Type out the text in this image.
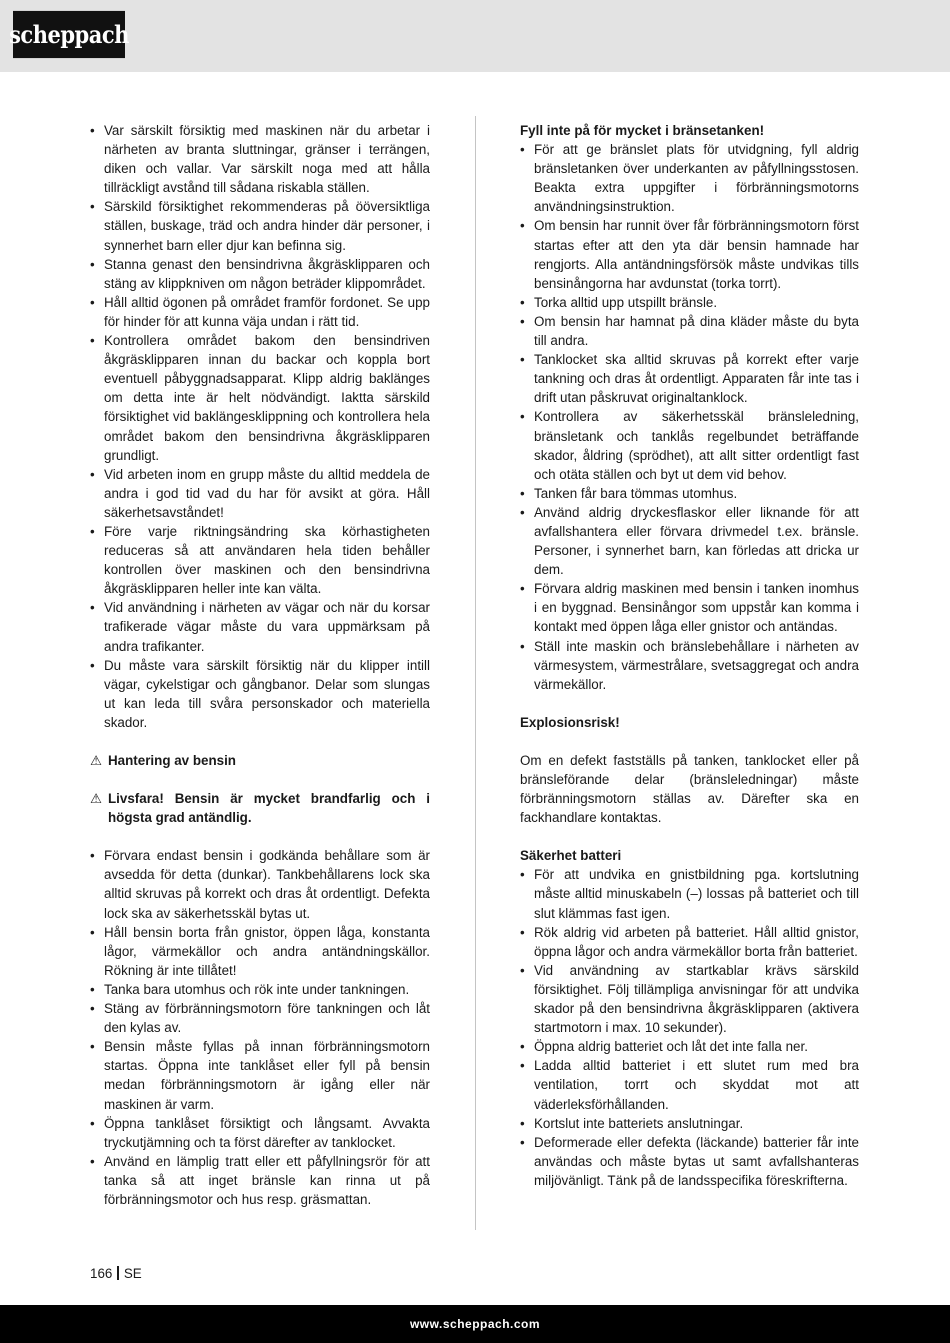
scheppach
• Var särskilt försiktig med maskinen när du arbetar i närheten av branta sluttningar, gränser i terrängen, diken och vallar. Var särskilt noga med att hålla tillräckligt avstånd till sådana riskabla ställen.
• Särskild försiktighet rekommenderas på ööversiktliga ställen, buskage, träd och andra hinder där personer, i synnerhet barn eller djur kan befinna sig.
• Stanna genast den bensindrivna åkgräsklipparen och stäng av klippkniven om någon beträder klippområdet.
• Håll alltid ögonen på området framför fordonet. Se upp för hinder för att kunna väja undan i rätt tid.
• Kontrollera området bakom den bensindriven åkgräsklipparen innan du backar och koppla bort eventuell påbyggnadsapparat. Klipp aldrig baklänges om detta inte är helt nödvändigt. Iaktta särskild försiktighet vid baklängesklippning och kontrollera hela området bakom den bensindrivna åkgräsklipparen grundligt.
• Vid arbeten inom en grupp måste du alltid meddela de andra i god tid vad du har för avsikt at göra. Håll säkerhetsavståndet!
• Före varje riktningsändring ska körhastigheten reduceras så att användaren hela tiden behåller kontrollen över maskinen och den bensindrivna åkgräsklipparen heller inte kan välta.
• Vid användning i närheten av vägar och när du korsar trafikerade vägar måste du vara uppmärksam på andra trafikanter.
• Du måste vara särskilt försiktig när du klipper intill vägar, cykelstigar och gångbanor. Delar som slungas ut kan leda till svåra personskador och materiella skador.

⚠ Hantering av bensin

⚠ Livsfara! Bensin är mycket brandfarlig och i högsta grad antändlig.

• Förvara endast bensin i godkända behållare som är avsedda för detta (dunkar). Tankbehållarens lock ska alltid skruvas på korrekt och dras åt ordentligt. Defekta lock ska av säkerhetsskäl bytas ut.
• Håll bensin borta från gnistor, öppen låga, konstanta lågor, värmekällor och andra antändningskällor. Rökning är inte tillåtet!
• Tanka bara utomhus och rök inte under tankningen.
• Stäng av förbränningsmotorn före tankningen och låt den kylas av.
• Bensin måste fyllas på innan förbränningsmotorn startas. Öppna inte tanklåset eller fyll på bensin medan förbränningsmotorn är igång eller när maskinen är varm.
• Öppna tanklåset försiktigt och långsamt. Avvakta tryckutjämning och ta först därefter av tanklocket.
• Använd en lämplig tratt eller ett påfyllningsrör för att tanka så att inget bränsle kan rinna ut på förbränningsmotor och hus resp. gräsmattan.

Fyll inte på för mycket i bränsetanken!

• För att ge bränslet plats för utvidgning, fyll aldrig bränsletanken över underkanten av påfyllningsstosen. Beakta extra uppgifter i förbränningsmotorns användningsinstruktion.
• Om bensin har runnit över får förbränningsmotorn först startas efter att den yta där bensin hamnade har rengjorts. Alla antändningsförsök måste undvikas tills bensinångorna har avdunstat (torka torrt).
• Torka alltid upp utspillt bränsle.
• Om bensin har hamnat på dina kläder måste du byta till andra.
• Tanklocket ska alltid skruvas på korrekt efter varje tankning och dras åt ordentligt. Apparaten får inte tas i drift utan påskruvat originaltanklock.
• Kontrollera av säkerhetsskäl bränsleledning, bränsletank och tanklås regelbundet beträffande skador, åldring (sprödhet), att allt sitter ordentligt fast och otäta ställen och byt ut dem vid behov.
• Tanken får bara tömmas utomhus.
• Använd aldrig dryckesflaskor eller liknande för att avfallshantera eller förvara drivmedel t.ex. bränsle. Personer, i synnerhet barn, kan förledas att dricka ur dem.
• Förvara aldrig maskinen med bensin i tanken inomhus i en byggnad. Bensinångor som uppstår kan komma i kontakt med öppen låga eller gnistor och antändas.
• Ställ inte maskin och bränslebehållare i närheten av värmesystem, värmestrålare, svetsaggregat och andra värmekällor.

Explosionsrisk!

Om en defekt fastställs på tanken, tanklocket eller på bränsleförande delar (bränsleledningar) måste förbränningsmotorn ställas av. Därefter ska en fackhandlare kontaktas.

Säkerhet batteri

• För att undvika en gnistbildning pga. kortslutning måste alltid minuskabeln (–) lossas på batteriet och till slut klämmas fast igen.
• Rök aldrig vid arbeten på batteriet. Håll alltid gnistor, öppna lågor och andra värmekällor borta från batteriet.
• Vid användning av startkablar krävs särskild försiktighet. Följ tillämpliga anvisningar för att undvika skador på den bensindrivna åkgräsklipparen (aktivera startmotorn i max. 10 sekunder).
• Öppna aldrig batteriet och låt det inte falla ner.
• Ladda alltid batteriet i ett slutet rum med bra ventilation, torrt och skyddat mot att väderleksförhållanden.
• Kortslut inte batteriets anslutningar.
• Deformerade eller defekta (läckande) batterier får inte användas och måste bytas ut samt avfallshanteras miljövänligt. Tänk på de landsspecifika föreskrifterna.
166 SE
www.scheppach.com
